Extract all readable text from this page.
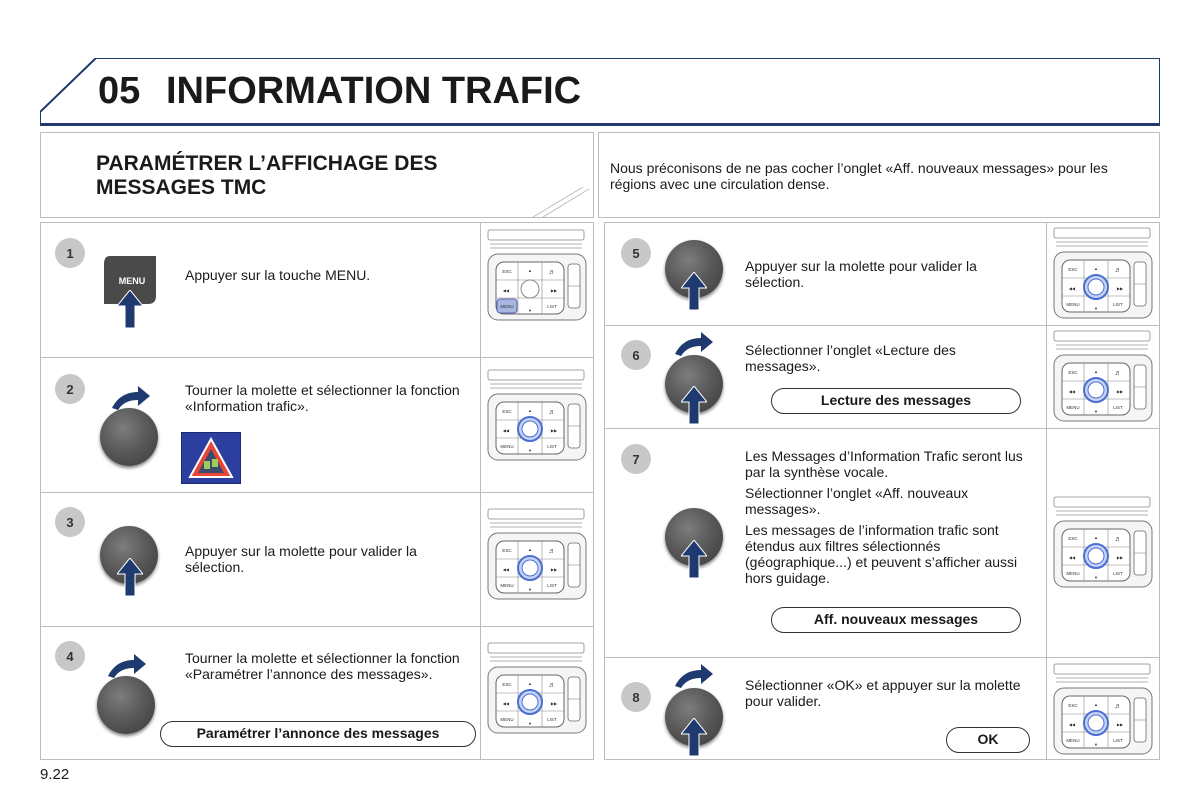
05 INFORMATION TRAFIC
PARAMÉTRER L’AFFICHAGE DES MESSAGES TMC
Nous préconisons de ne pas cocher l’onglet «Aff. nouveaux messages» pour les régions avec une circulation dense.
1
2
3
4
5
6
7
8
MENU	Appuyer sur la touche MENU.
Tourner la molette et sélectionner la fonction «Information trafic».
Appuyer sur la molette pour valider la sélection.
Tourner la molette et sélectionner la fonction «Paramétrer l’annonce des messages».
Paramétrer l’annonce des messages
Appuyer sur la molette pour valider la sélection.
Sélectionner l’onglet «Lecture des messages».
Lecture des messages
Les Messages d’Information Trafic seront lus par la synthèse vocale.
Sélectionner l’onglet «Aff. nouveaux messages».
Les messages de l’information trafic sont étendus aux filtres sélectionnés (géographique...) et peuvent s’afficher aussi hors guidage.
Aff. nouveaux messages
Sélectionner «OK» et appuyer sur la molette pour valider.
OK
ESC	♬
LIST
MENU
▲
▼
◀◀	▶▶
ESC	♬
LIST
MENU
▲
▼
◀◀	▶▶
ESC	♬
LIST
MENU
▲
▼
◀◀	▶▶
ESC	♬
LIST
MENU
▲
▼
◀◀	▶▶
ESC	♬
LIST
MENU
▲
▼
◀◀	▶▶
ESC	♬
LIST
MENU
▲
▼
◀◀	▶▶
ESC	♬
LIST
MENU
▲
▼
◀◀	▶▶
ESC	♬
LIST
MENU
▲
▼
◀◀	▶▶
9.22
